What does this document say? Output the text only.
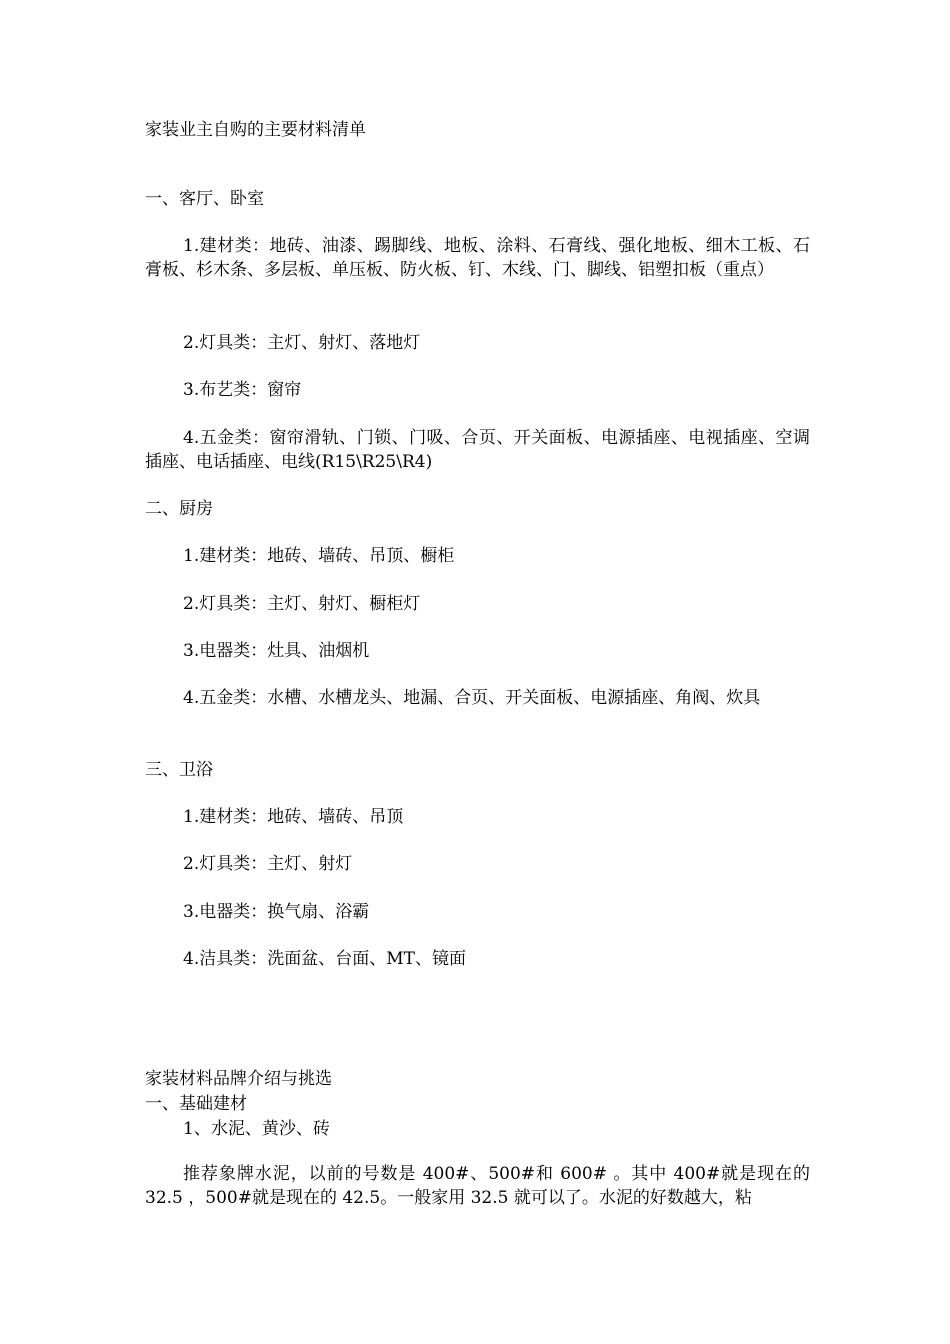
家装业主自购的主要材料清单
一、客厅、卧室
1.建材类：地砖、油漆、踢脚线、地板、涂料、石膏线、强化地板、细木工板、石膏板、杉木条、多层板、单压板、防火板、钉、木线、门、脚线、铝塑扣板（重点）
2.灯具类：主灯、射灯、落地灯
3.布艺类：窗帘
4.五金类：窗帘滑轨、门锁、门吸、合页、开关面板、电源插座、电视插座、空调插座、电话插座、电线(R15\R25\R4)
二、厨房
1.建材类：地砖、墙砖、吊顶、橱柜
2.灯具类：主灯、射灯、橱柜灯
3.电器类：灶具、油烟机
4.五金类：水槽、水槽龙头、地漏、合页、开关面板、电源插座、角阀、炊具
三、卫浴
1.建材类：地砖、墙砖、吊顶
2.灯具类：主灯、射灯
3.电器类：换气扇、浴霸
4.洁具类：洗面盆、台面、MT、镜面
家装材料品牌介绍与挑选
一、基础建材
1、水泥、黄沙、砖
推荐象牌水泥，以前的号数是 400#、500#和 600# 。其中 400#就是现在的 32.5 ，500#就是现在的 42.5。一般家用 32.5 就可以了。水泥的好数越大，粘
